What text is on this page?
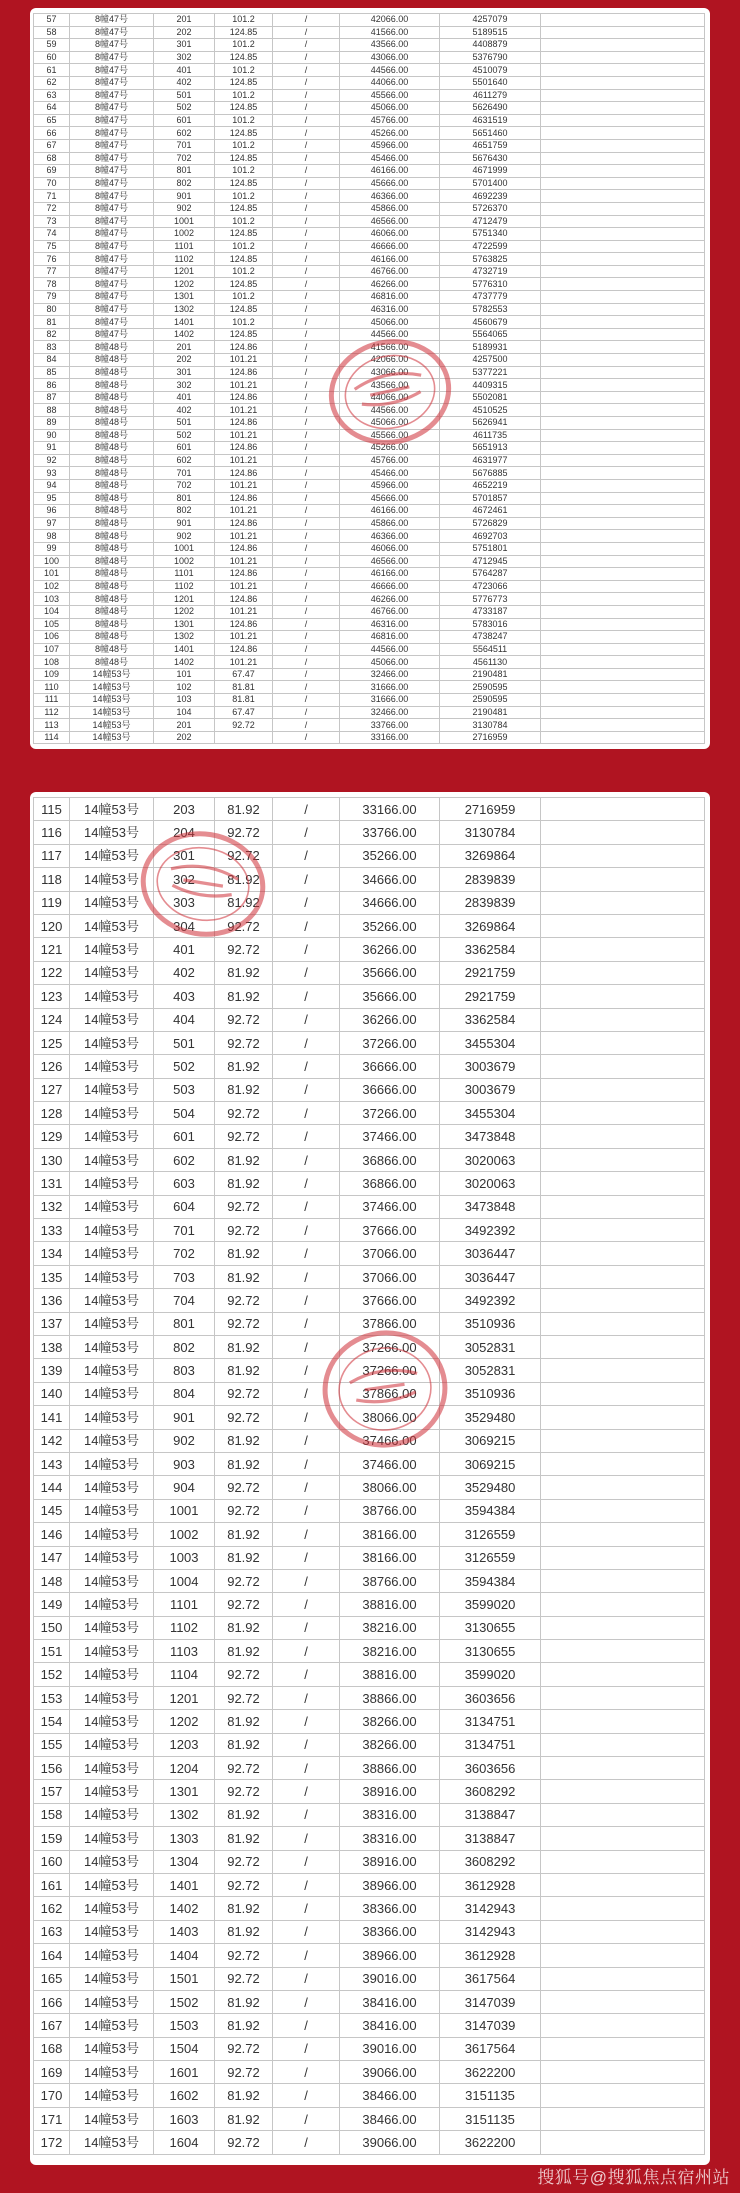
57	8幢47号	201	101.2	/	42066.00	4257079	
58	8幢47号	202	124.85	/	41566.00	5189515	
59	8幢47号	301	101.2	/	43566.00	4408879	
60	8幢47号	302	124.85	/	43066.00	5376790	
61	8幢47号	401	101.2	/	44566.00	4510079	
62	8幢47号	402	124.85	/	44066.00	5501640	
63	8幢47号	501	101.2	/	45566.00	4611279	
64	8幢47号	502	124.85	/	45066.00	5626490	
65	8幢47号	601	101.2	/	45766.00	4631519	
66	8幢47号	602	124.85	/	45266.00	5651460	
67	8幢47号	701	101.2	/	45966.00	4651759	
68	8幢47号	702	124.85	/	45466.00	5676430	
69	8幢47号	801	101.2	/	46166.00	4671999	
70	8幢47号	802	124.85	/	45666.00	5701400	
71	8幢47号	901	101.2	/	46366.00	4692239	
72	8幢47号	902	124.85	/	45866.00	5726370	
73	8幢47号	1001	101.2	/	46566.00	4712479	
74	8幢47号	1002	124.85	/	46066.00	5751340	
75	8幢47号	1101	101.2	/	46666.00	4722599	
76	8幢47号	1102	124.85	/	46166.00	5763825	
77	8幢47号	1201	101.2	/	46766.00	4732719	
78	8幢47号	1202	124.85	/	46266.00	5776310	
79	8幢47号	1301	101.2	/	46816.00	4737779	
80	8幢47号	1302	124.85	/	46316.00	5782553	
81	8幢47号	1401	101.2	/	45066.00	4560679	
82	8幢47号	1402	124.85	/	44566.00	5564065	
83	8幢48号	201	124.86	/	41566.00	5189931	
84	8幢48号	202	101.21	/	42066.00	4257500	
85	8幢48号	301	124.86	/	43066.00	5377221	
86	8幢48号	302	101.21	/	43566.00	4409315	
87	8幢48号	401	124.86	/	44066.00	5502081	
88	8幢48号	402	101.21	/	44566.00	4510525	
89	8幢48号	501	124.86	/	45066.00	5626941	
90	8幢48号	502	101.21	/	45566.00	4611735	
91	8幢48号	601	124.86	/	45266.00	5651913	
92	8幢48号	602	101.21	/	45766.00	4631977	
93	8幢48号	701	124.86	/	45466.00	5676885	
94	8幢48号	702	101.21	/	45966.00	4652219	
95	8幢48号	801	124.86	/	45666.00	5701857	
96	8幢48号	802	101.21	/	46166.00	4672461	
97	8幢48号	901	124.86	/	45866.00	5726829	
98	8幢48号	902	101.21	/	46366.00	4692703	
99	8幢48号	1001	124.86	/	46066.00	5751801	
100	8幢48号	1002	101.21	/	46566.00	4712945	
101	8幢48号	1101	124.86	/	46166.00	5764287	
102	8幢48号	1102	101.21	/	46666.00	4723066	
103	8幢48号	1201	124.86	/	46266.00	5776773	
104	8幢48号	1202	101.21	/	46766.00	4733187	
105	8幢48号	1301	124.86	/	46316.00	5783016	
106	8幢48号	1302	101.21	/	46816.00	4738247	
107	8幢48号	1401	124.86	/	44566.00	5564511	
108	8幢48号	1402	101.21	/	45066.00	4561130	
109	14幢53号	101	67.47	/	32466.00	2190481	
110	14幢53号	102	81.81	/	31666.00	2590595	
111	14幢53号	103	81.81	/	31666.00	2590595	
112	14幢53号	104	67.47	/	32466.00	2190481	
113	14幢53号	201	92.72	/	33766.00	3130784	
114	14幢53号	202		/	33166.00	2716959	
115	14幢53号	203	81.92	/	33166.00	2716959	
116	14幢53号	204	92.72	/	33766.00	3130784	
117	14幢53号	301	92.72	/	35266.00	3269864	
118	14幢53号	302	81.92	/	34666.00	2839839	
119	14幢53号	303	81.92	/	34666.00	2839839	
120	14幢53号	304	92.72	/	35266.00	3269864	
121	14幢53号	401	92.72	/	36266.00	3362584	
122	14幢53号	402	81.92	/	35666.00	2921759	
123	14幢53号	403	81.92	/	35666.00	2921759	
124	14幢53号	404	92.72	/	36266.00	3362584	
125	14幢53号	501	92.72	/	37266.00	3455304	
126	14幢53号	502	81.92	/	36666.00	3003679	
127	14幢53号	503	81.92	/	36666.00	3003679	
128	14幢53号	504	92.72	/	37266.00	3455304	
129	14幢53号	601	92.72	/	37466.00	3473848	
130	14幢53号	602	81.92	/	36866.00	3020063	
131	14幢53号	603	81.92	/	36866.00	3020063	
132	14幢53号	604	92.72	/	37466.00	3473848	
133	14幢53号	701	92.72	/	37666.00	3492392	
134	14幢53号	702	81.92	/	37066.00	3036447	
135	14幢53号	703	81.92	/	37066.00	3036447	
136	14幢53号	704	92.72	/	37666.00	3492392	
137	14幢53号	801	92.72	/	37866.00	3510936	
138	14幢53号	802	81.92	/	37266.00	3052831	
139	14幢53号	803	81.92	/	37266.00	3052831	
140	14幢53号	804	92.72	/	37866.00	3510936	
141	14幢53号	901	92.72	/	38066.00	3529480	
142	14幢53号	902	81.92	/	37466.00	3069215	
143	14幢53号	903	81.92	/	37466.00	3069215	
144	14幢53号	904	92.72	/	38066.00	3529480	
145	14幢53号	1001	92.72	/	38766.00	3594384	
146	14幢53号	1002	81.92	/	38166.00	3126559	
147	14幢53号	1003	81.92	/	38166.00	3126559	
148	14幢53号	1004	92.72	/	38766.00	3594384	
149	14幢53号	1101	92.72	/	38816.00	3599020	
150	14幢53号	1102	81.92	/	38216.00	3130655	
151	14幢53号	1103	81.92	/	38216.00	3130655	
152	14幢53号	1104	92.72	/	38816.00	3599020	
153	14幢53号	1201	92.72	/	38866.00	3603656	
154	14幢53号	1202	81.92	/	38266.00	3134751	
155	14幢53号	1203	81.92	/	38266.00	3134751	
156	14幢53号	1204	92.72	/	38866.00	3603656	
157	14幢53号	1301	92.72	/	38916.00	3608292	
158	14幢53号	1302	81.92	/	38316.00	3138847	
159	14幢53号	1303	81.92	/	38316.00	3138847	
160	14幢53号	1304	92.72	/	38916.00	3608292	
161	14幢53号	1401	92.72	/	38966.00	3612928	
162	14幢53号	1402	81.92	/	38366.00	3142943	
163	14幢53号	1403	81.92	/	38366.00	3142943	
164	14幢53号	1404	92.72	/	38966.00	3612928	
165	14幢53号	1501	92.72	/	39016.00	3617564	
166	14幢53号	1502	81.92	/	38416.00	3147039	
167	14幢53号	1503	81.92	/	38416.00	3147039	
168	14幢53号	1504	92.72	/	39016.00	3617564	
169	14幢53号	1601	92.72	/	39066.00	3622200	
170	14幢53号	1602	81.92	/	38466.00	3151135	
171	14幢53号	1603	81.92	/	38466.00	3151135	
172	14幢53号	1604	92.72	/	39066.00	3622200	
搜狐号@搜狐焦点宿州站
